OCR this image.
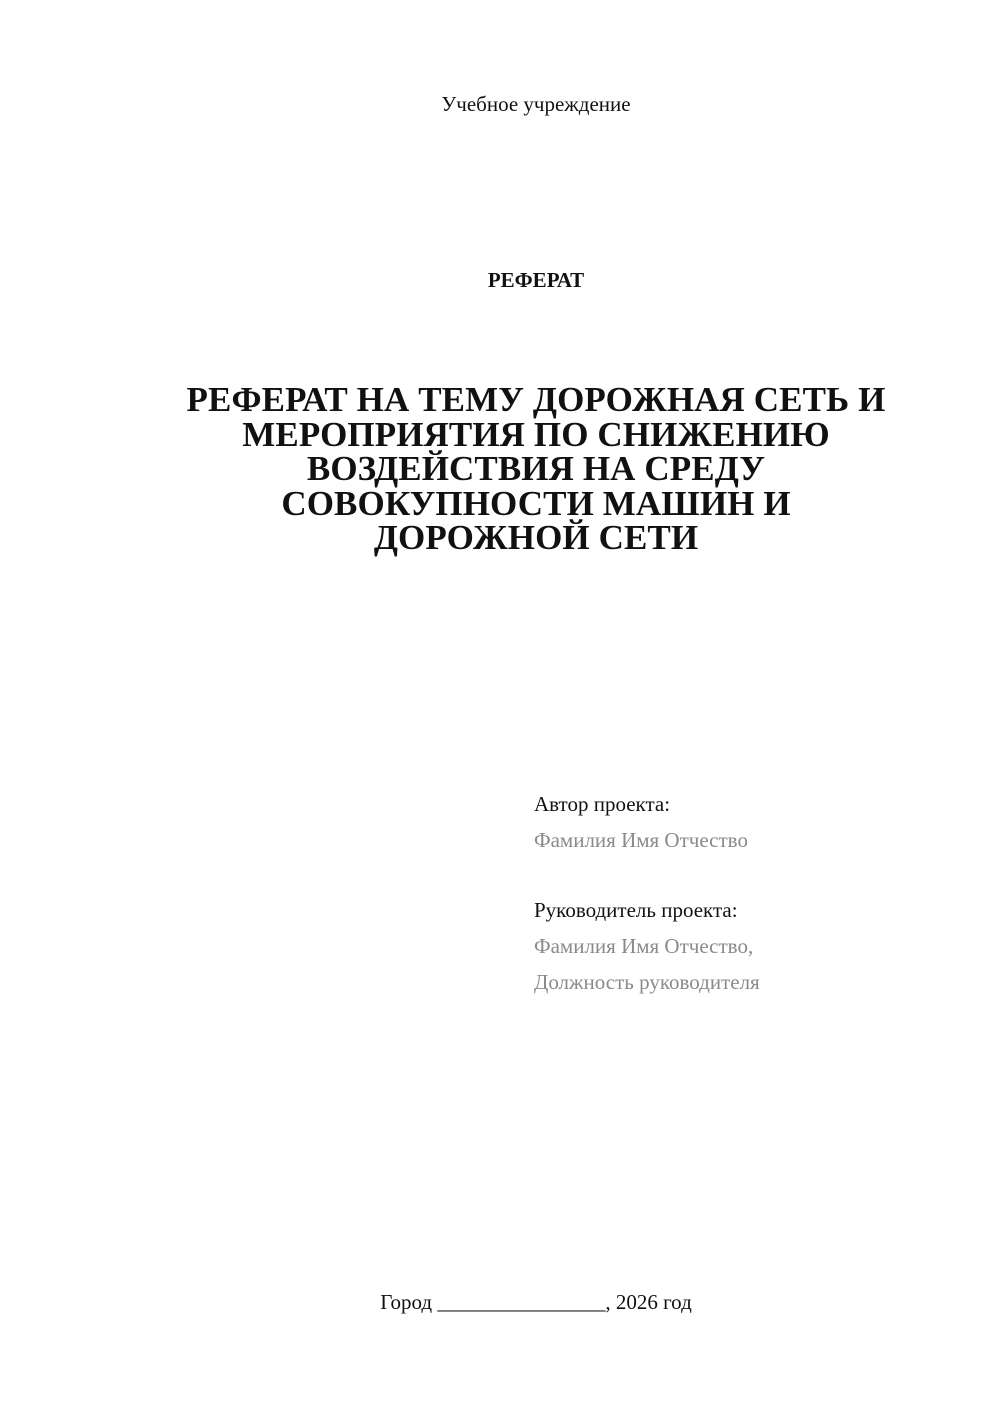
Учебное учреждение
РЕФЕРАТ
РЕФЕРАТ НА ТЕМУ ДОРОЖНАЯ СЕТЬ И
МЕРОПРИЯТИЯ ПО СНИЖЕНИЮ
ВОЗДЕЙСТВИЯ НА СРЕДУ
СОВОКУПНОСТИ МАШИН И
ДОРОЖНОЙ СЕТИ
Автор проекта:
Фамилия Имя Отчество
Руководитель проекта:
Фамилия Имя Отчество,
Должность руководителя
Город ________________, 2026 год
